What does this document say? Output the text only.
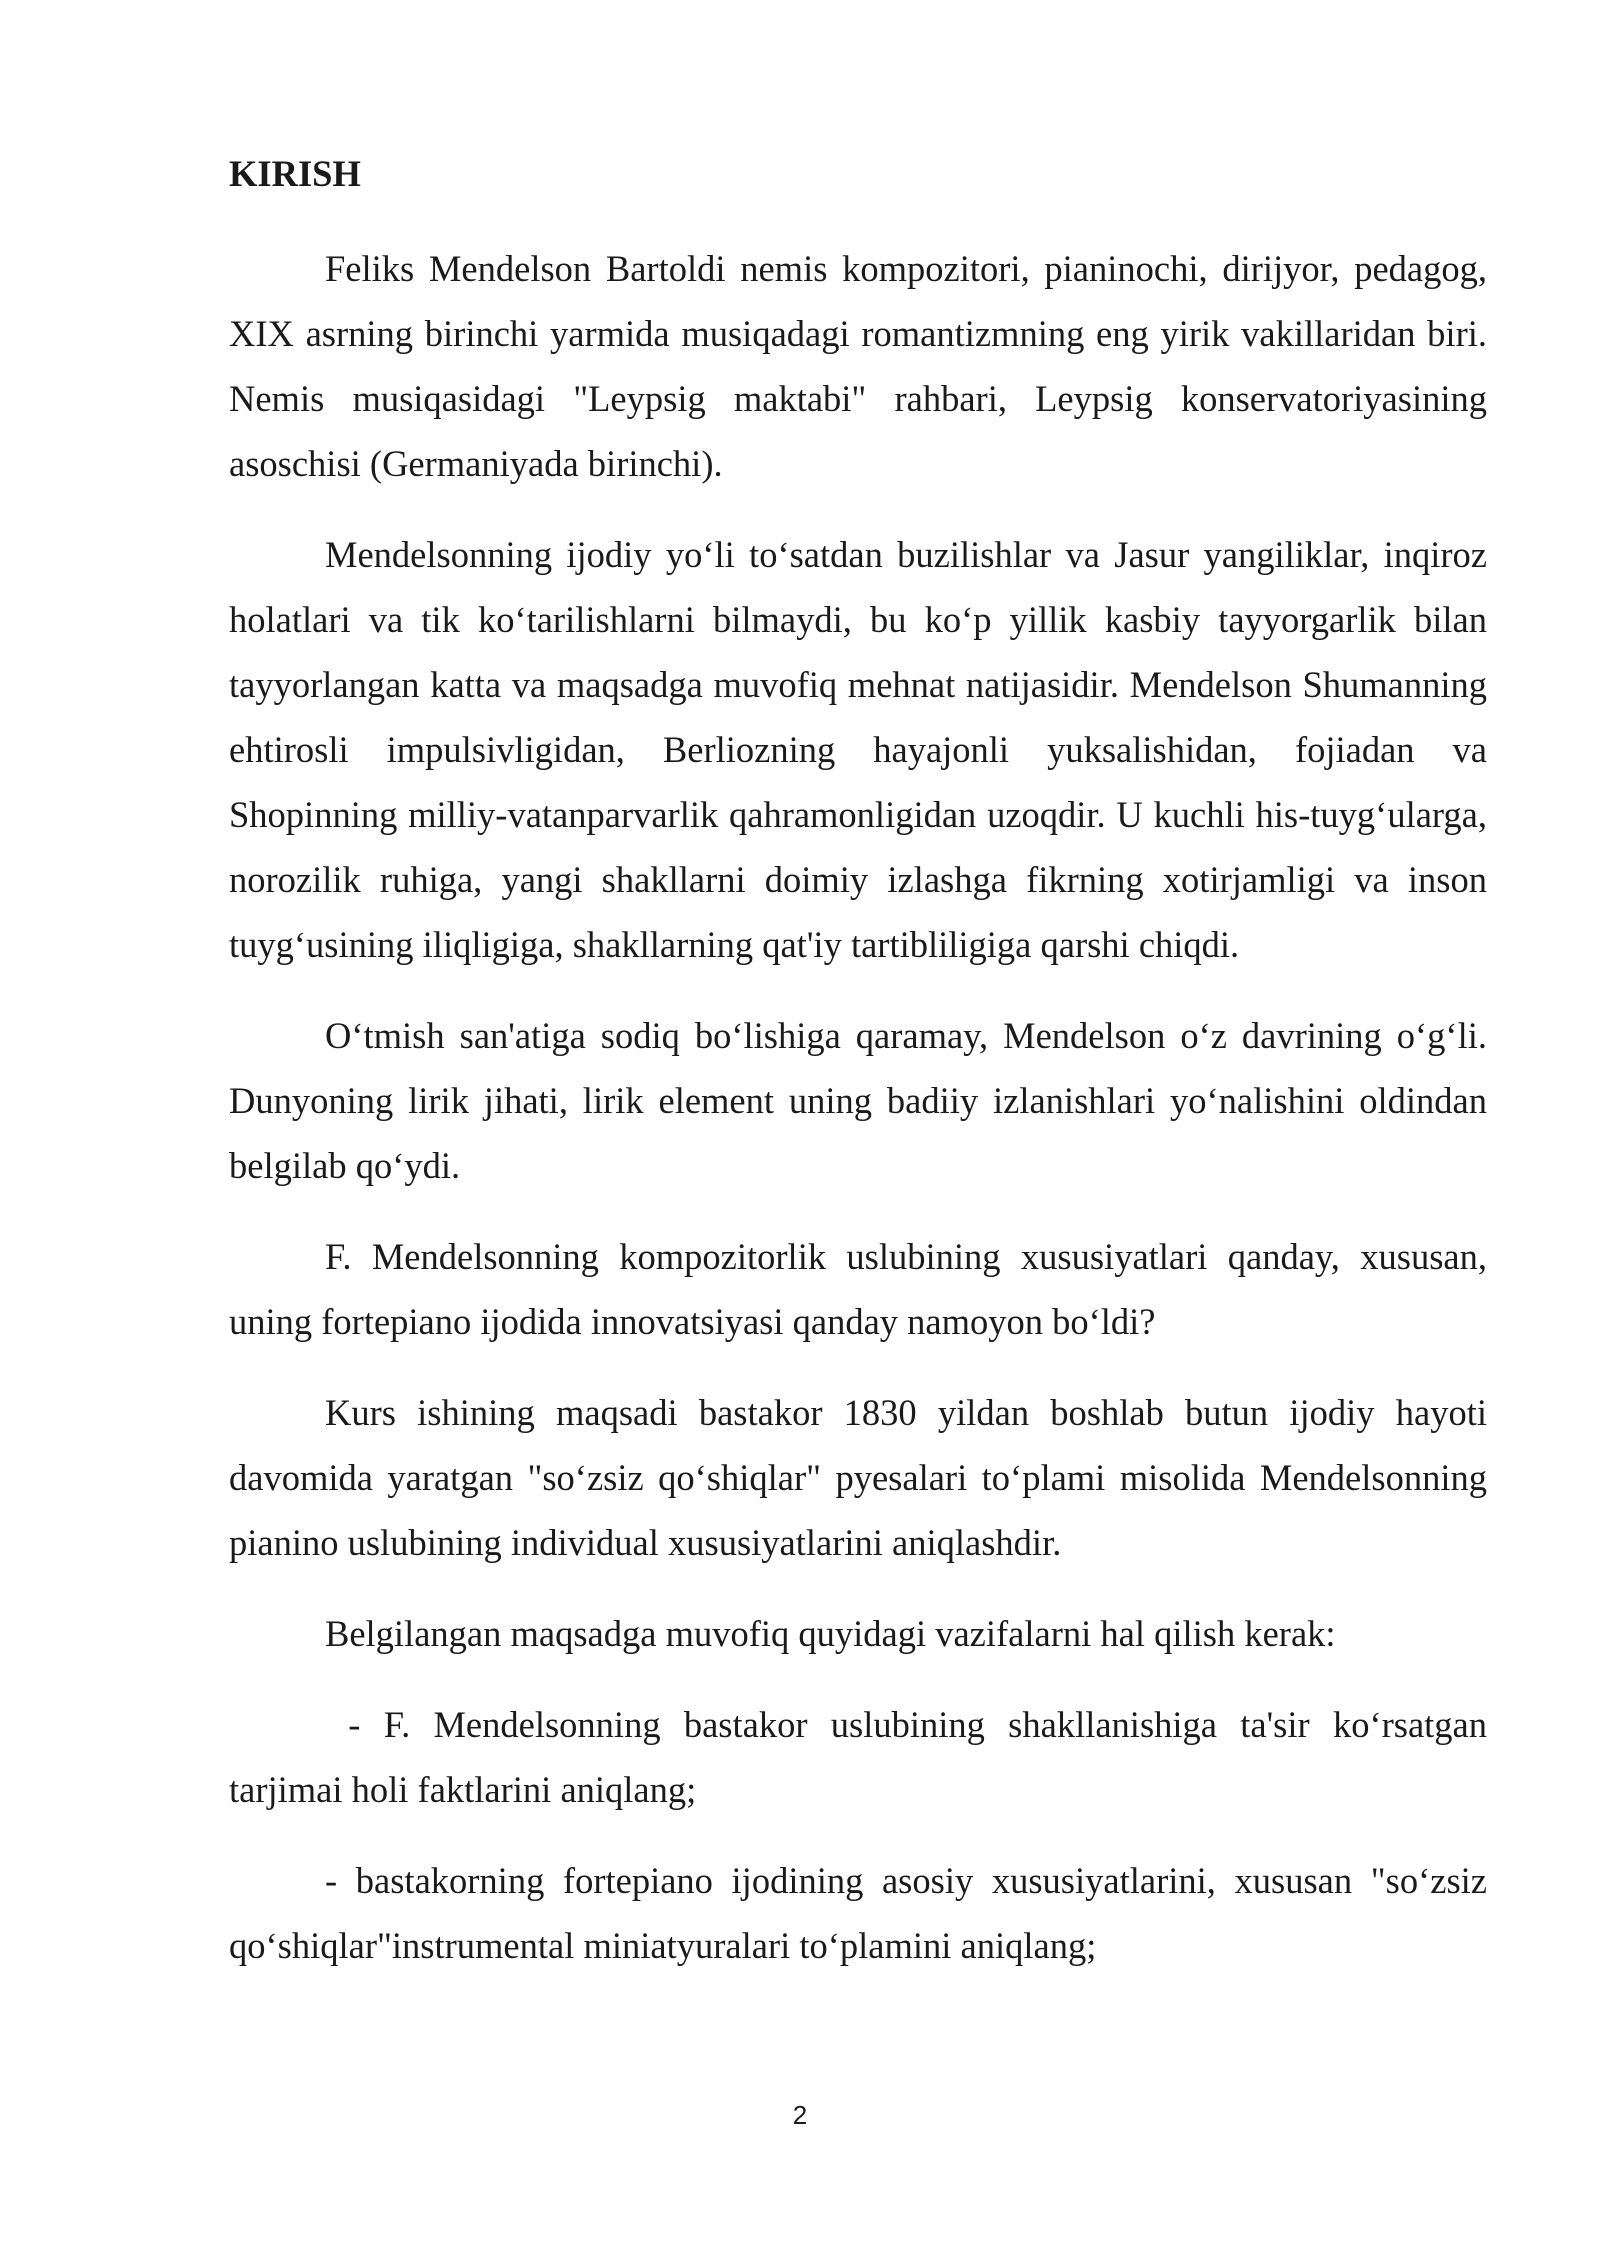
KIRISH

Feliks Mendelson Bartoldi nemis kompozitori, pianinochi, dirijyor, pedagog, XIX asrning birinchi yarmida musiqadagi romantizmning eng yirik vakillaridan biri. Nemis musiqasidagi "Leypsig maktabi" rahbari, Leypsig konservatoriyasining asoschisi (Germaniyada birinchi).

Mendelsonning ijodiy yo‘li to‘satdan buzilishlar va Jasur yangiliklar, inqiroz holatlari va tik ko‘tarilishlarni bilmaydi, bu ko‘p yillik kasbiy tayyorgarlik bilan tayyorlangan katta va maqsadga muvofiq mehnat natijasidir. Mendelson Shumanning ehtirosli impulsivligidan, Berliozning hayajonli yuksalishidan, fojiadan va Shopinning milliy-vatanparvarlik qahramonligidan uzoqdir. U kuchli his-tuyg‘ularga, norozilik ruhiga, yangi shakllarni doimiy izlashga fikrning xotirjamligi va inson tuyg‘usining iliqligiga, shakllarning qat'iy tartibliligiga qarshi chiqdi.

O‘tmish san'atiga sodiq bo‘lishiga qaramay, Mendelson o‘z davrining o‘g‘li. Dunyoning lirik jihati, lirik element uning badiiy izlanishlari yo‘nalishini oldindan belgilab qo‘ydi.

F. Mendelsonning kompozitorlik uslubining xususiyatlari qanday, xususan, uning fortepiano ijodida innovatsiyasi qanday namoyon bo‘ldi?

Kurs ishining maqsadi bastakor 1830 yildan boshlab butun ijodiy hayoti davomida yaratgan "so‘zsiz qo‘shiqlar" pyesalari to‘plami misolida Mendelsonning pianino uslubining individual xususiyatlarini aniqlashdir.

Belgilangan maqsadga muvofiq quyidagi vazifalarni hal qilish kerak:

- F. Mendelsonning bastakor uslubining shakllanishiga ta'sir ko‘rsatgan tarjimai holi faktlarini aniqlang;

- bastakorning fortepiano ijodining asosiy xususiyatlarini, xususan "so‘zsiz qo‘shiqlar"instrumental miniatyuralari to‘plamini aniqlang;

2
